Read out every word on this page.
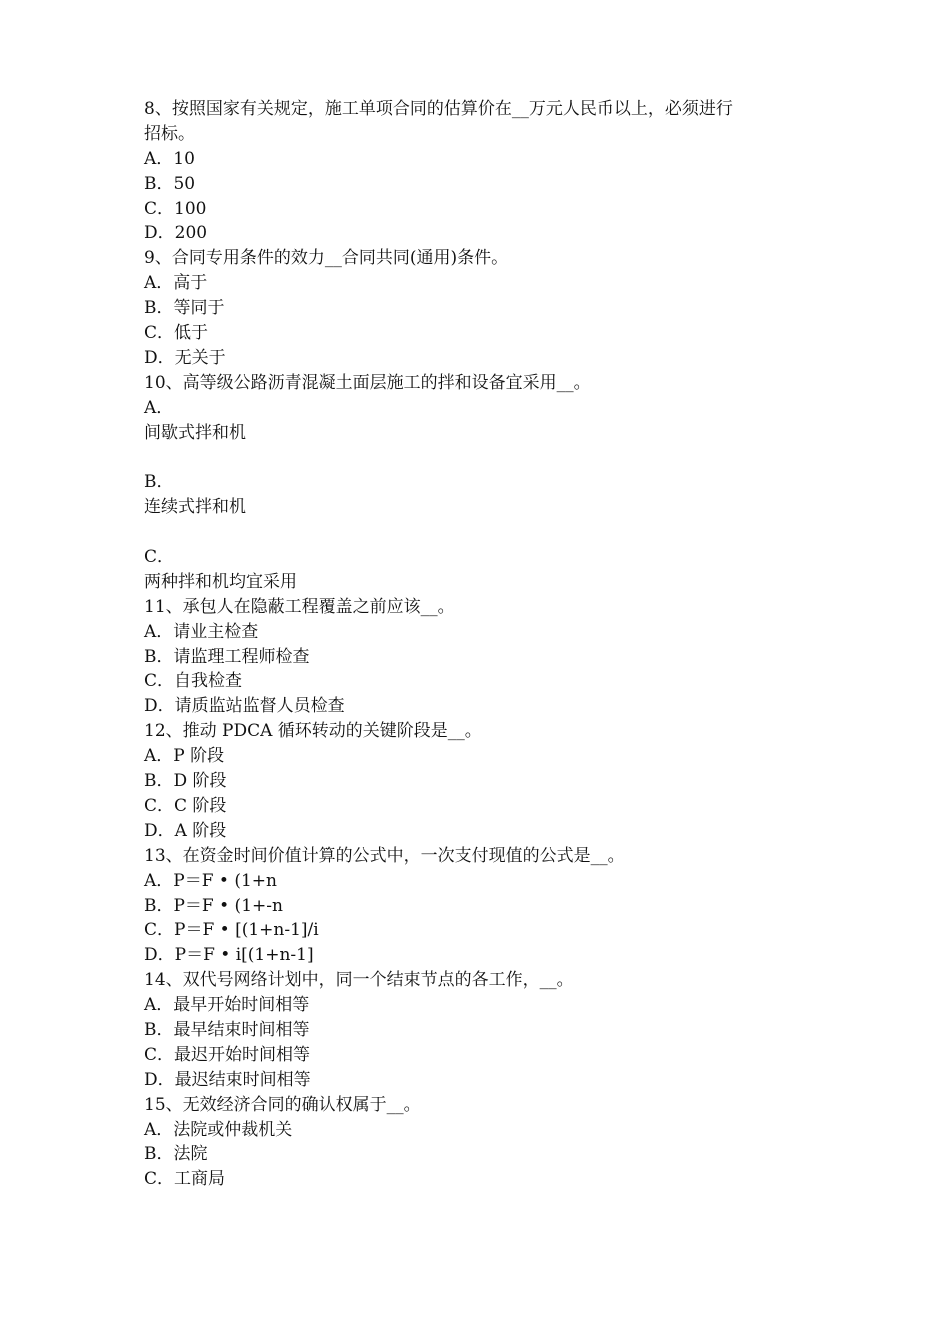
8、按照国家有关规定，施工单项合同的估算价在__万元人民币以上，必须进行
招标。
A．10
B．50
C．100
D．200
9、合同专用条件的效力__合同共同(通用)条件。
A．高于
B．等同于
C．低于
D．无关于
10、高等级公路沥青混凝土面层施工的拌和设备宜采用__。
A．
间歇式拌和机
B．
连续式拌和机
C．
两种拌和机均宜采用
11、承包人在隐蔽工程覆盖之前应该__。
A．请业主检查
B．请监理工程师检查
C．自我检查
D．请质监站监督人员检查
12、推动 PDCA 循环转动的关键阶段是__。
A．P 阶段
B．D 阶段
C．C 阶段
D．A 阶段
13、在资金时间价值计算的公式中，一次支付现值的公式是__。
A．P＝F • (1+n
B．P＝F • (1+-n
C．P＝F • [(1+n-1]/i
D．P＝F • i[(1+n-1]
14、双代号网络计划中，同一个结束节点的各工作，__。
A．最早开始时间相等
B．最早结束时间相等
C．最迟开始时间相等
D．最迟结束时间相等
15、无效经济合同的确认权属于__。
A．法院或仲裁机关
B．法院
C．工商局
